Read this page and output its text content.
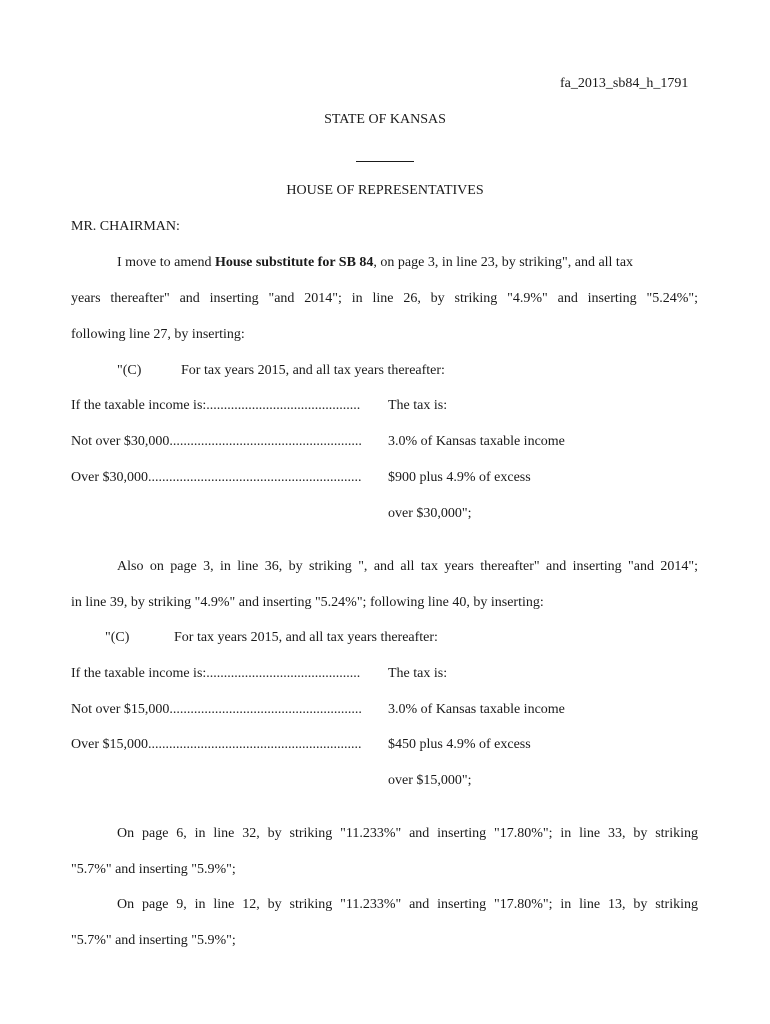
fa_2013_sb84_h_1791
STATE OF KANSAS
HOUSE OF REPRESENTATIVES
MR. CHAIRMAN:
I move to amend House substitute for SB 84, on page 3, in line 23, by striking", and all tax
years thereafter" and inserting "and 2014"; in line 26, by striking "4.9%" and inserting "5.24%";
following line 27, by inserting:
"(C)	For tax years 2015, and all tax years thereafter:
If the taxable income is:............................................ The tax is:
Not over $30,000....................................................... 3.0% of Kansas taxable income
Over $30,000............................................................. $900 plus 4.9% of excess
over $30,000";
Also on page 3, in line 36, by striking ", and all tax years thereafter" and inserting "and 2014";
in line 39, by striking "4.9%" and inserting "5.24%"; following line 40, by inserting:
"(C)	For tax years 2015, and all tax years thereafter:
If the taxable income is:............................................ The tax is:
Not over $15,000....................................................... 3.0% of Kansas taxable income
Over $15,000............................................................. $450 plus 4.9% of excess
over $15,000";
On page 6, in line 32, by striking "11.233%" and inserting "17.80%"; in line 33, by striking
"5.7%" and inserting "5.9%";
On page 9, in line 12, by striking "11.233%" and inserting "17.80%"; in line 13, by striking
"5.7%" and inserting "5.9%";
